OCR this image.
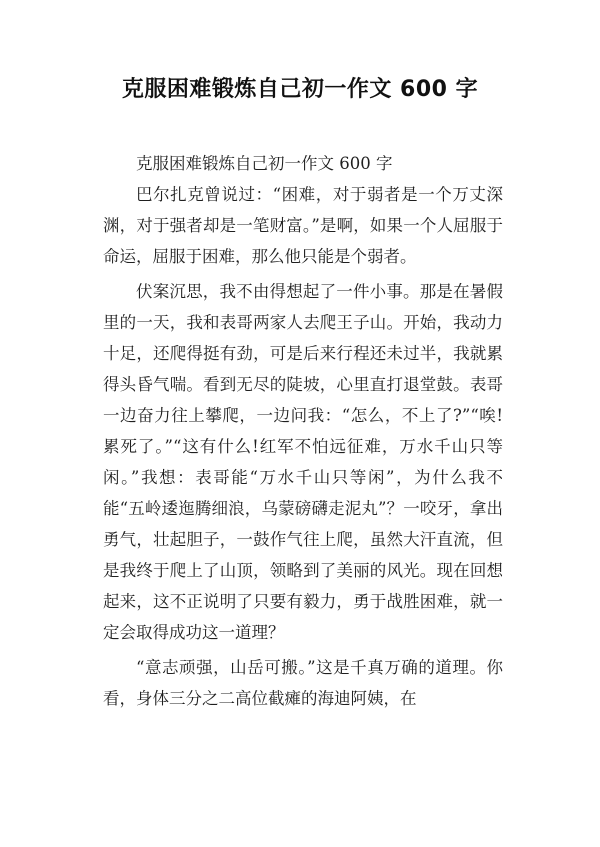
克服困难锻炼自己初一作文 600 字

克服困难锻炼自己初一作文 600 字

巴尔扎克曾说过：“困难，对于弱者是一个万丈深渊，对于强者却是一笔财富。”是啊，如果一个人屈服于命运，屈服于困难，那么他只能是个弱者。

伏案沉思，我不由得想起了一件小事。那是在暑假里的一天，我和表哥两家人去爬王子山。开始，我动力十足，还爬得挺有劲，可是后来行程还未过半，我就累得头昏气喘。看到无尽的陡坡，心里直打退堂鼓。表哥一边奋力往上攀爬，一边问我：“怎么，不上了?”“唉!累死了。”“这有什么!红军不怕远征难，万水千山只等闲。”我想：表哥能“万水千山只等闲”，为什么我不能“五岭逶迤腾细浪，乌蒙磅礴走泥丸”？一咬牙，拿出勇气，壮起胆子，一鼓作气往上爬，虽然大汗直流，但是我终于爬上了山顶，领略到了美丽的风光。现在回想起来，这不正说明了只要有毅力，勇于战胜困难，就一定会取得成功这一道理？

“意志顽强，山岳可搬。”这是千真万确的道理。你看，身体三分之二高位截瘫的海迪阿姨，在
